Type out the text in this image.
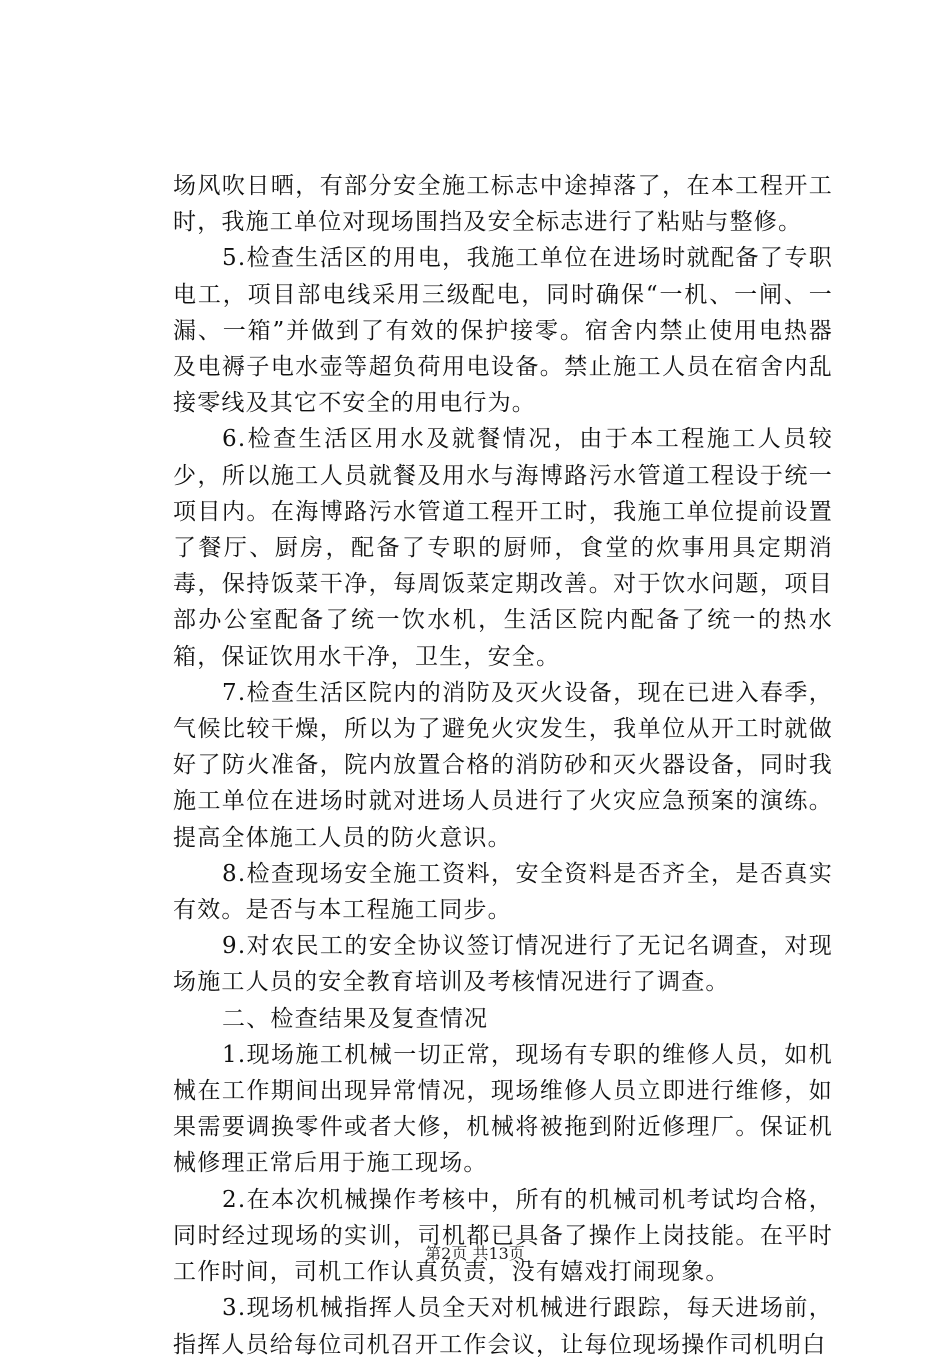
场风吹日晒，有部分安全施工标志中途掉落了，在本工程开工时，我施工单位对现场围挡及安全标志进行了粘贴与整修。

5.检查生活区的用电，我施工单位在进场时就配备了专职电工，项目部电线采用三级配电，同时确保“一机、一闸、一漏、一箱”并做到了有效的保护接零。宿舍内禁止使用电热器及电褥子电水壶等超负荷用电设备。禁止施工人员在宿舍内乱接零线及其它不安全的用电行为。

6.检查生活区用水及就餐情况，由于本工程施工人员较少，所以施工人员就餐及用水与海博路污水管道工程设于统一项目内。在海博路污水管道工程开工时，我施工单位提前设置了餐厅、厨房，配备了专职的厨师，食堂的炊事用具定期消毒，保持饭菜干净，每周饭菜定期改善。对于饮水问题，项目部办公室配备了统一饮水机，生活区院内配备了统一的热水箱，保证饮用水干净，卫生，安全。

7.检查生活区院内的消防及灭火设备，现在已进入春季，气候比较干燥，所以为了避免火灾发生，我单位从开工时就做好了防火准备，院内放置合格的消防砂和灭火器设备，同时我施工单位在进场时就对进场人员进行了火灾应急预案的演练。提高全体施工人员的防火意识。

8.检查现场安全施工资料，安全资料是否齐全，是否真实有效。是否与本工程施工同步。

9.对农民工的安全协议签订情况进行了无记名调查，对现场施工人员的安全教育培训及考核情况进行了调查。

二、检查结果及复查情况

1.现场施工机械一切正常，现场有专职的维修人员，如机械在工作期间出现异常情况，现场维修人员立即进行维修，如果需要调换零件或者大修，机械将被拖到附近修理厂。保证机械修理正常后用于施工现场。

2.在本次机械操作考核中，所有的机械司机考试均合格，同时经过现场的实训，司机都已具备了操作上岗技能。在平时工作时间，司机工作认真负责，没有嬉戏打闹现象。

3.现场机械指挥人员全天对机械进行跟踪，每天进场前，指挥人员给每位司机召开工作会议，让每位现场操作司机明白

第2页 共13页
